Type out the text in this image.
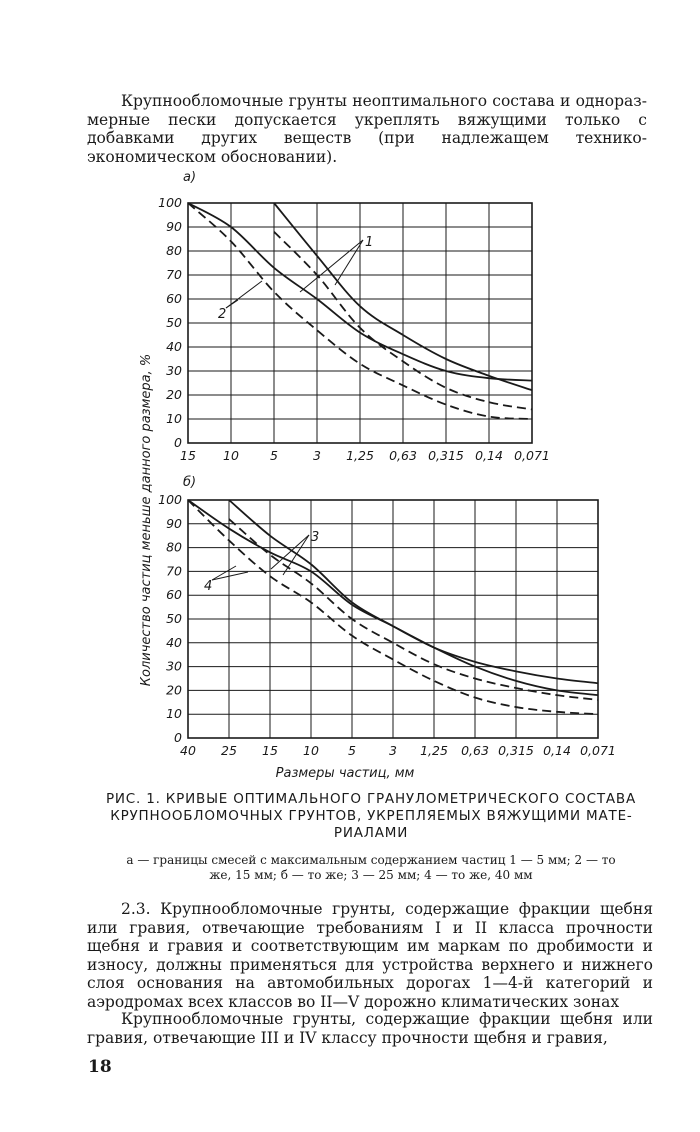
Крупнообломочные грунты неоптимального состава и одноразмерные пески допускается укреплять вяжущими только с добавками других веществ (при надлежащем технико-экономическом обосновании).
0
10
20
30
40
50
60
70
80
90
100
15 10 5	3 1,25 0,63 0,315 0,14 0,071
1
2
0
10
20
30
40
50
60
70
80
90
100
40 25 15 10 5	3 1,25 0,63 0,315 0,14 0,071
3
4
Количество частиц меньше данного размера, %
Размеры частиц, мм
а)
б)
РИС. 1. КРИВЫЕ ОПТИМАЛЬНОГО ГРАНУЛОМЕТРИЧЕСКОГО СОСТАВА КРУПНООБЛОМОЧНЫХ ГРУНТОВ, УКРЕПЛЯЕМЫХ ВЯЖУЩИМИ МАТЕРИАЛАМИ
а — границы смесей с максимальным содержанием частиц 1 — 5 мм; 2 — то же, 15 мм; б — то же; 3 — 25 мм; 4 — то же, 40 мм
2.3. Крупнообломочные грунты, содержащие фракции щебня или гравия, отвечающие требованиям I и II класса прочности щебня и гравия и соответствующим им маркам по дробимости и износу, должны применяться для устройства верхнего и нижнего слоя основания на автомобильных дорогах 1—4-й категорий и аэродромах всех классов во II—V дорожно климатических зонах
Крупнообломочные грунты, содержащие фракции щебня или гравия, отвечающие III и IV классу прочности щебня и гравия,
18
